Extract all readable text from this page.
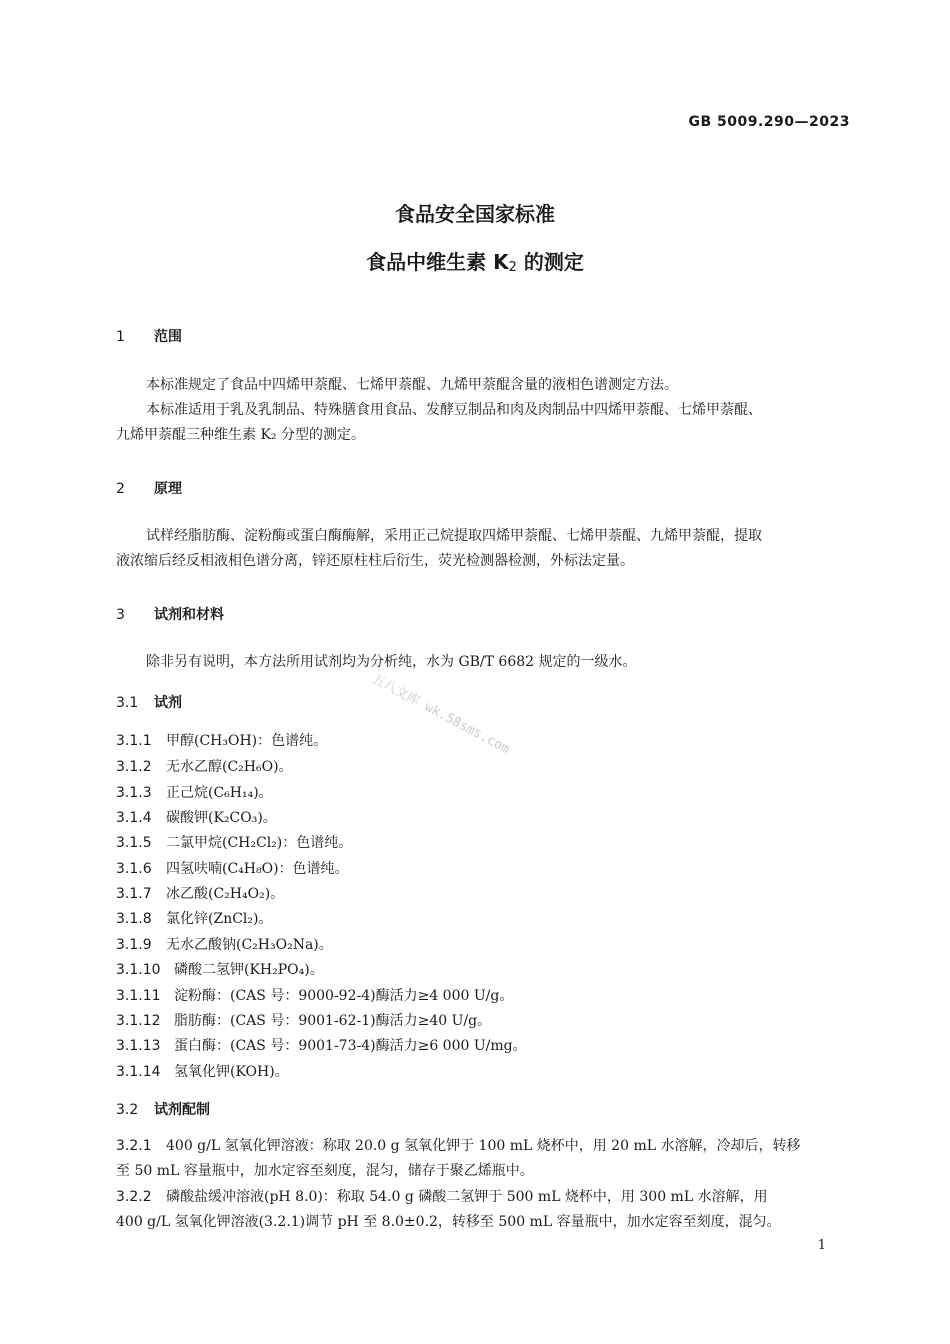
GB 5009.290—2023
食品安全国家标准
食品中维生素 $K_2$ 的测定
1 范围
本标准规定了食品中四烯甲萘醌、七烯甲萘醌、九烯甲萘醌含量的液相色谱测定方法。
本标准适用于乳及乳制品、特殊膳食用食品、发酵豆制品和肉及肉制品中四烯甲萘醌、七烯甲萘醌、
九烯甲萘醌三种维生素 K₂ 分型的测定。
2 原理
试样经脂肪酶、淀粉酶或蛋白酶酶解，采用正己烷提取四烯甲萘醌、七烯甲萘醌、九烯甲萘醌，提取
液浓缩后经反相液相色谱分离，锌还原柱柱后衍生，荧光检测器检测，外标法定量。
3 试剂和材料
除非另有说明，本方法所用试剂均为分析纯，水为 GB/T 6682 规定的一级水。
3.1 试剂
3.1.1 甲醇(CH₃OH)：色谱纯。
3.1.2 无水乙醇(C₂H₆O)。
3.1.3 正己烷(C₆H₁₄)。
3.1.4 碳酸钾(K₂CO₃)。
3.1.5 二氯甲烷(CH₂Cl₂)：色谱纯。
3.1.6 四氢呋喃(C₄H₈O)：色谱纯。
3.1.7 冰乙酸(C₂H₄O₂)。
3.1.8 氯化锌(ZnCl₂)。
3.1.9 无水乙酸钠(C₂H₃O₂Na)。
3.1.10 磷酸二氢钾(KH₂PO₄)。
3.1.11 淀粉酶：(CAS 号：9000-92-4)酶活力≥4 000 U/g。
3.1.12 脂肪酶：(CAS 号：9001-62-1)酶活力≥40 U/g。
3.1.13 蛋白酶：(CAS 号：9001-73-4)酶活力≥6 000 U/mg。
3.1.14 氢氧化钾(KOH)。
3.2 试剂配制
3.2.1 400 g/L 氢氧化钾溶液：称取 20.0 g 氢氧化钾于 100 mL 烧杯中，用 20 mL 水溶解，冷却后，转移
至 50 mL 容量瓶中，加水定容至刻度，混匀，储存于聚乙烯瓶中。
3.2.2 磷酸盐缓冲溶液(pH 8.0)：称取 54.0 g 磷酸二氢钾于 500 mL 烧杯中，用 300 mL 水溶解，用
400 g/L 氢氧化钾溶液(3.2.1)调节 pH 至 8.0±0.2，转移至 500 mL 容量瓶中，加水定容至刻度，混匀。
五八文库 wk.58sms.com
1
